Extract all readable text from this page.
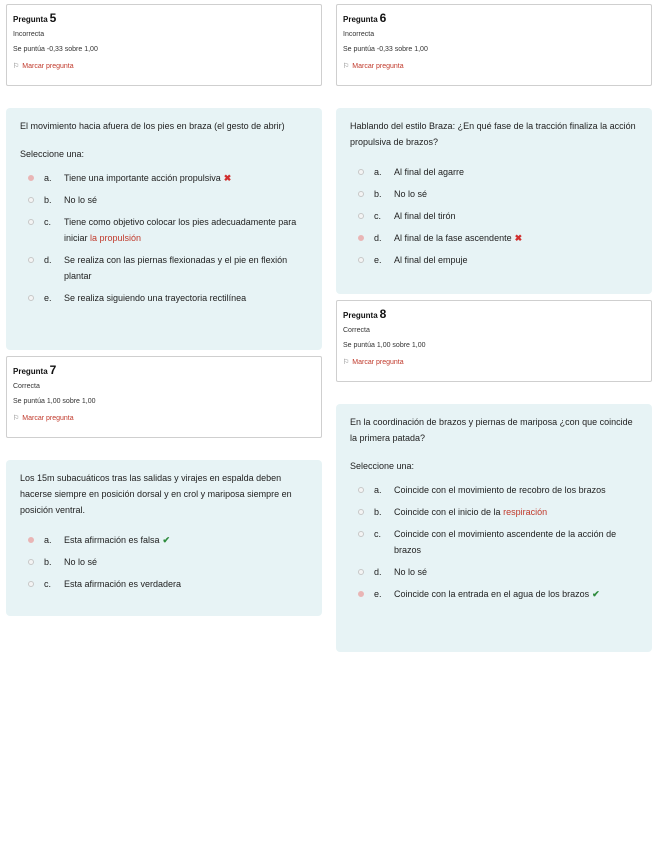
Pregunta 5
Incorrecta
Se puntúa -0,33 sobre 1,00
⚐ Marcar pregunta
Pregunta 6
Incorrecta
Se puntúa -0,33 sobre 1,00
⚐ Marcar pregunta

El movimiento hacia afuera de los pies en braza (el gesto de abrir)

Seleccione una:

a. Tiene una importante acción propulsiva ✖
b. No lo sé
c. Tiene como objetivo colocar los pies adecuadamente para iniciar la propulsión
d. Se realiza con las piernas flexionadas y el pie en flexión plantar
e. Se realiza siguiendo una trayectoria rectilínea

Hablando del estilo Braza: ¿En qué fase de la tracción finaliza la acción propulsiva de brazos?

a. Al final del agarre
b. No lo sé
c. Al final del tirón
d. Al final de la fase ascendente ✖
e. Al final del empuje
Pregunta 7
Correcta
Se puntúa 1,00 sobre 1,00
⚐ Marcar pregunta
Pregunta 8
Correcta
Se puntúa 1,00 sobre 1,00
⚐ Marcar pregunta

Los 15m subacuáticos tras las salidas y virajes en espalda deben hacerse siempre en posición dorsal y en crol y mariposa siempre en posición ventral.

a. Esta afirmación es falsa ✔
b. No lo sé
c. Esta afirmación es verdadera

En la coordinación de brazos y piernas de mariposa ¿con que coincide la primera patada?

Seleccione una:

a. Coincide con el movimiento de recobro de los brazos
b. Coincide con el inicio de la respiración
c. Coincide con el movimiento ascendente de la acción de brazos
d. No lo sé
e. Coincide con la entrada en el agua de los brazos ✔
